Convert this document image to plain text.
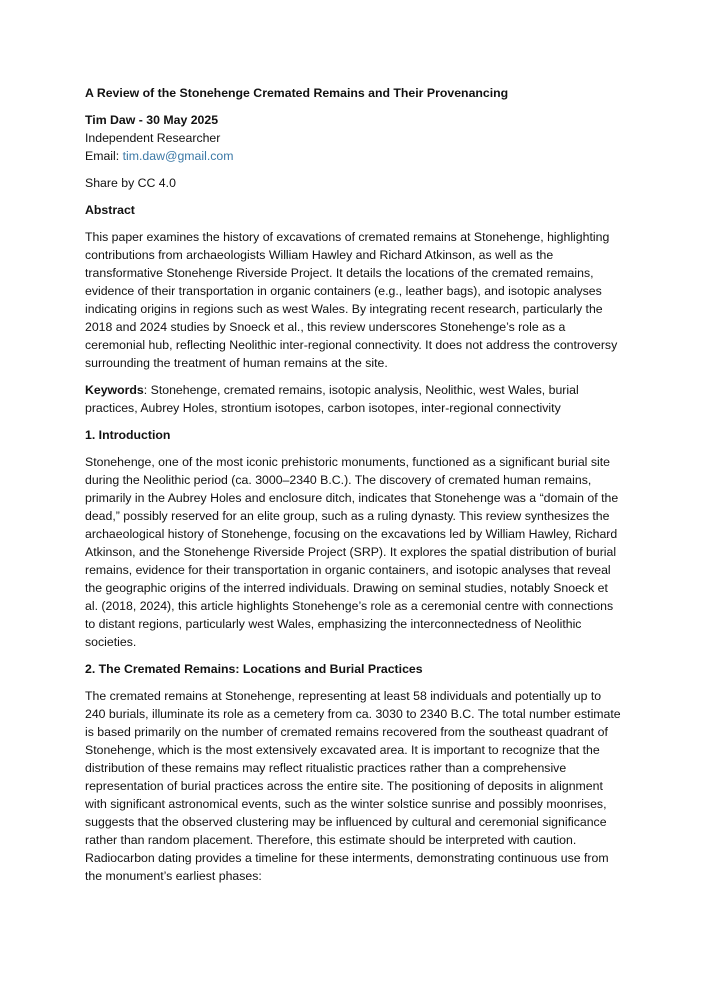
A Review of the Stonehenge Cremated Remains and Their Provenancing

Tim Daw - 30 May 2025

Independent Researcher

Email: tim.daw@gmail.com

Share by CC 4.0

Abstract

This paper examines the history of excavations of cremated remains at Stonehenge, highlighting contributions from archaeologists William Hawley and Richard Atkinson, as well as the transformative Stonehenge Riverside Project. It details the locations of the cremated remains, evidence of their transportation in organic containers (e.g., leather bags), and isotopic analyses indicating origins in regions such as west Wales. By integrating recent research, particularly the 2018 and 2024 studies by Snoeck et al., this review underscores Stonehenge’s role as a ceremonial hub, reflecting Neolithic inter-regional connectivity. It does not address the controversy surrounding the treatment of human remains at the site.

Keywords: Stonehenge, cremated remains, isotopic analysis, Neolithic, west Wales, burial practices, Aubrey Holes, strontium isotopes, carbon isotopes, inter-regional connectivity

1. Introduction

Stonehenge, one of the most iconic prehistoric monuments, functioned as a significant burial site during the Neolithic period (ca. 3000–2340 B.C.). The discovery of cremated human remains, primarily in the Aubrey Holes and enclosure ditch, indicates that Stonehenge was a “domain of the dead,” possibly reserved for an elite group, such as a ruling dynasty. This review synthesizes the archaeological history of Stonehenge, focusing on the excavations led by William Hawley, Richard Atkinson, and the Stonehenge Riverside Project (SRP). It explores the spatial distribution of burial remains, evidence for their transportation in organic containers, and isotopic analyses that reveal the geographic origins of the interred individuals. Drawing on seminal studies, notably Snoeck et al. (2018, 2024), this article highlights Stonehenge’s role as a ceremonial centre with connections to distant regions, particularly west Wales, emphasizing the interconnectedness of Neolithic societies.

2. The Cremated Remains: Locations and Burial Practices

The cremated remains at Stonehenge, representing at least 58 individuals and potentially up to 240 burials, illuminate its role as a cemetery from ca. 3030 to 2340 B.C. The total number estimate is based primarily on the number of cremated remains recovered from the southeast quadrant of Stonehenge, which is the most extensively excavated area. It is important to recognize that the distribution of these remains may reflect ritualistic practices rather than a comprehensive representation of burial practices across the entire site. The positioning of deposits in alignment with significant astronomical events, such as the winter solstice sunrise and possibly moonrises, suggests that the observed clustering may be influenced by cultural and ceremonial significance rather than random placement. Therefore, this estimate should be interpreted with caution. Radiocarbon dating provides a timeline for these interments, demonstrating continuous use from the monument’s earliest phases:
